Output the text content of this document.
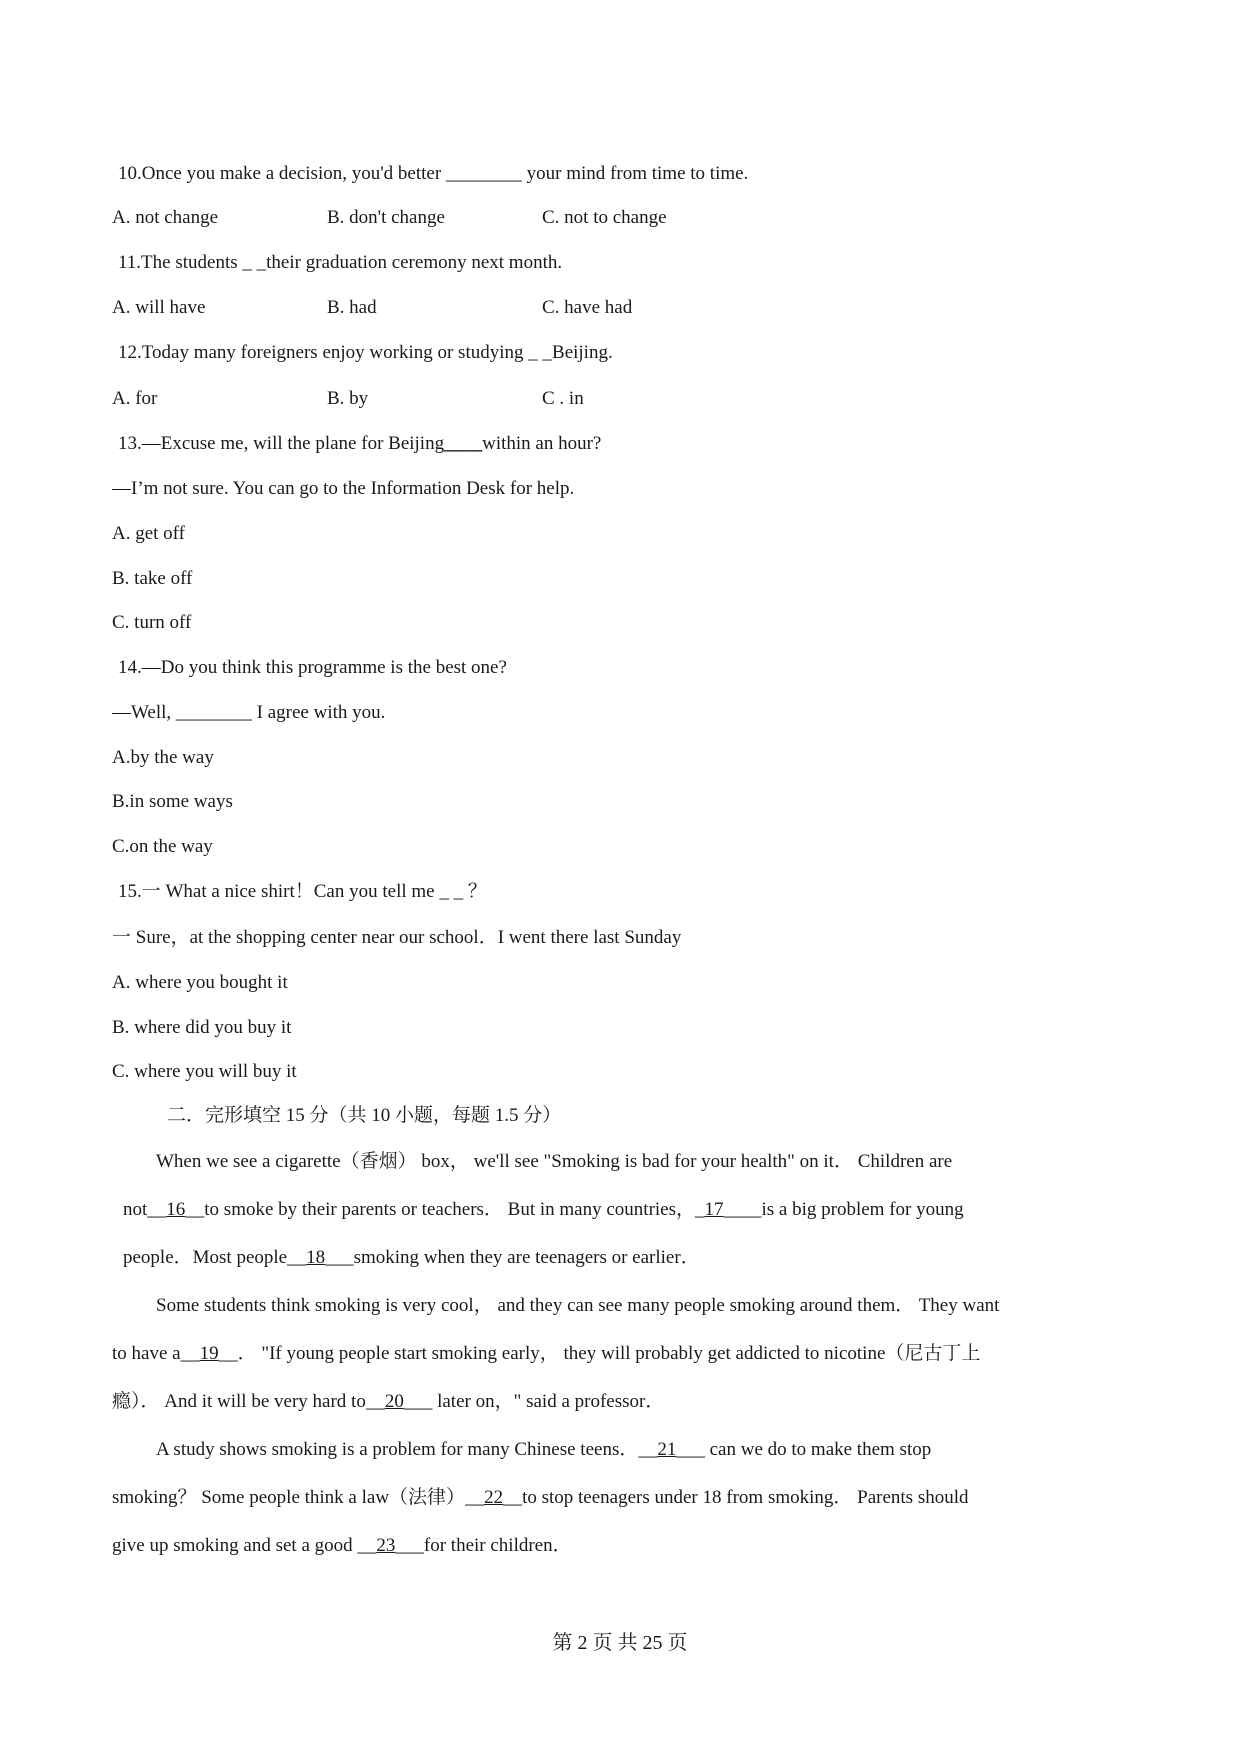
10.Once you make a decision, you'd better ________ your mind from time to time.
A. not change	B. don't change	C. not to change
11.The students _ _their graduation ceremony next month.
A. will have	B. had	C. have had
12.Today many foreigners enjoy working or studying _ _Beijing.
A. for	B. by	C . in
13.—Excuse me, will the plane for Beijing____within an hour?
—I’m not sure. You can go to the Information Desk for help.
A. get off
B. take off
C. turn off
14.—Do you think this programme is the best one?
—Well, ________ I agree with you.
A.by the way
B.in some ways
C.on the way
15.一 What a nice shirt！Can you tell me _ _ ？
一 Sure，at the shopping center near our school．I went there last Sunday
A. where you bought it
B. where did you buy it
C. where you will buy it
二．完形填空 15 分（共 10 小题，每题 1.5 分）
When we see a cigarette（香烟） box， we'll see "Smoking is bad for your health" on it． Children are
not__16__to smoke by their parents or teachers． But in many countries，_17____is a big problem for young
people．Most people__18___smoking when they are teenagers or earlier．
Some students think smoking is very cool， and they can see many people smoking around them． They want
to have a__19__． "If young people start smoking early， they will probably get addicted to nicotine（尼古丁上
瘾）． And it will be very hard to__20___ later on，" said a professor．
A study shows smoking is a problem for many Chinese teens．__21___ can we do to make them stop
smoking？ Some people think a law（法律）__22__to stop teenagers under 18 from smoking． Parents should
give up smoking and set a good __23___for their children．
第 2 页 共 25 页
